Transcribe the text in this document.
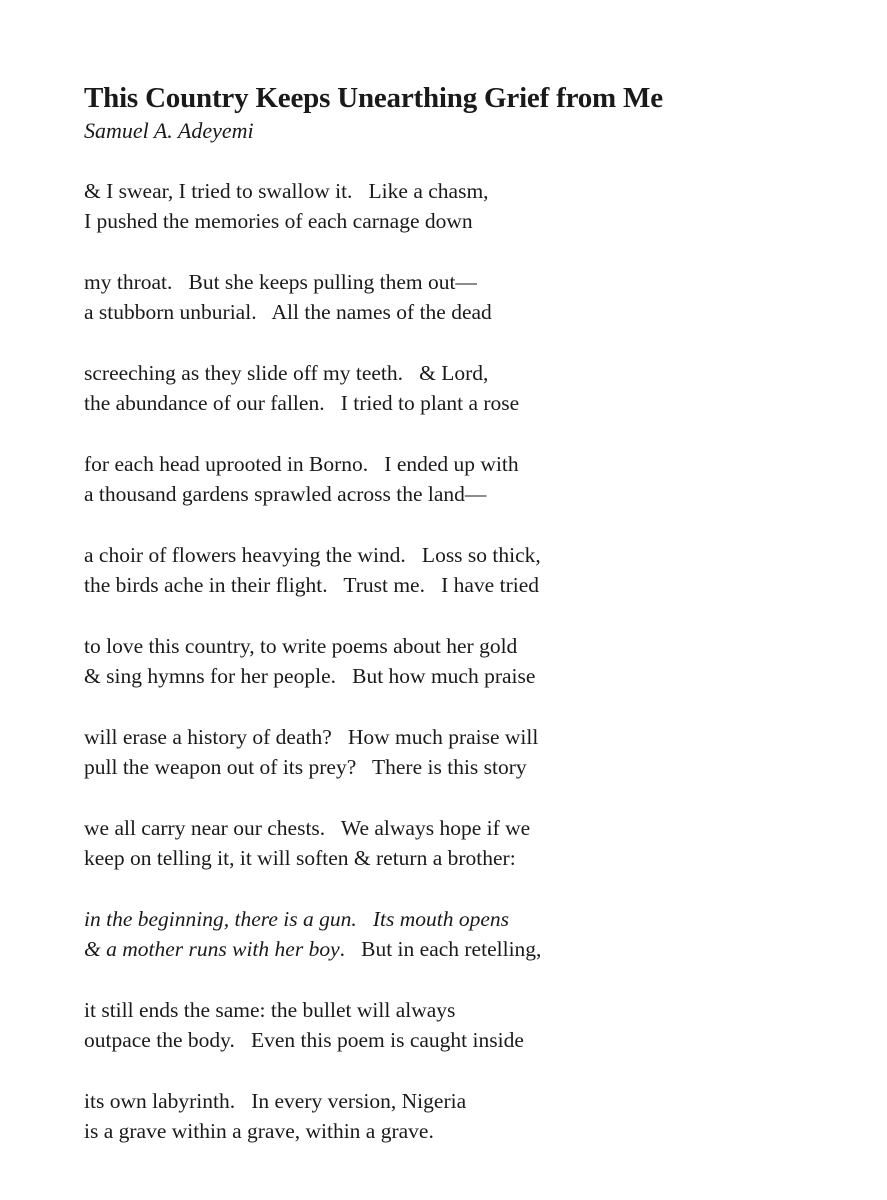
This Country Keeps Unearthing Grief from Me
Samuel A. Adeyemi
& I swear, I tried to swallow it.   Like a chasm,
I pushed the memories of each carnage down
my throat.   But she keeps pulling them out—
a stubborn unburial.   All the names of the dead
screeching as they slide off my teeth.   & Lord,
the abundance of our fallen.   I tried to plant a rose
for each head uprooted in Borno.   I ended up with
a thousand gardens sprawled across the land—
a choir of flowers heavying the wind.   Loss so thick,
the birds ache in their flight.   Trust me.   I have tried
to love this country, to write poems about her gold
& sing hymns for her people.   But how much praise
will erase a history of death?   How much praise will
pull the weapon out of its prey?   There is this story
we all carry near our chests.   We always hope if we
keep on telling it, it will soften & return a brother:
in the beginning, there is a gun.   Its mouth opens
& a mother runs with her boy.   But in each retelling,
it still ends the same: the bullet will always
outpace the body.   Even this poem is caught inside
its own labyrinth.   In every version, Nigeria
is a grave within a grave, within a grave.
